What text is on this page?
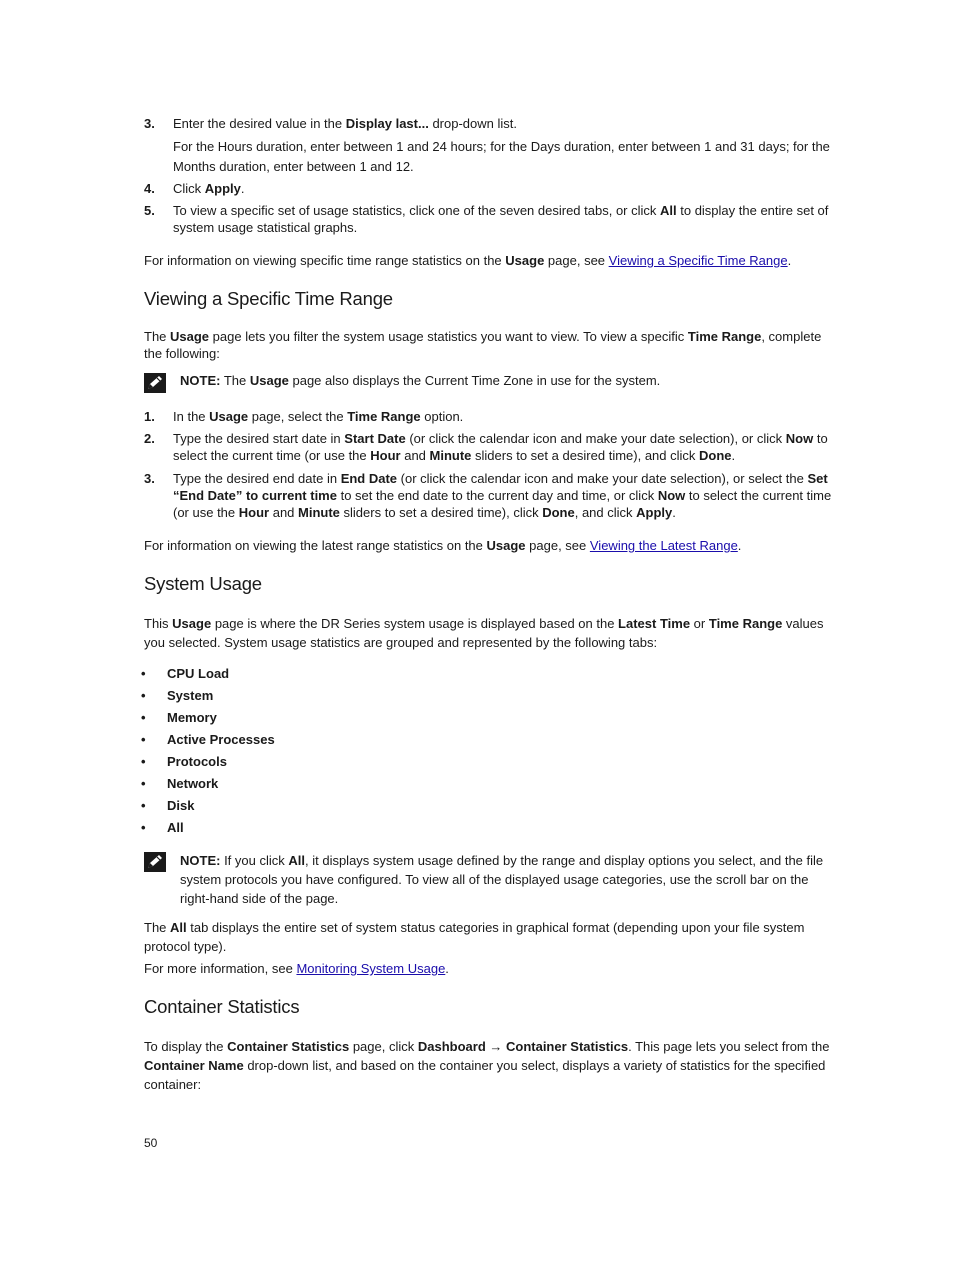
3. Enter the desired value in the Display last... drop-down list.
For the Hours duration, enter between 1 and 24 hours; for the Days duration, enter between 1 and 31 days; for the Months duration, enter between 1 and 12.
4. Click Apply.
5. To view a specific set of usage statistics, click one of the seven desired tabs, or click All to display the entire set of system usage statistical graphs.
For information on viewing specific time range statistics on the Usage page, see Viewing a Specific Time Range.
Viewing a Specific Time Range
The Usage page lets you filter the system usage statistics you want to view. To view a specific Time Range, complete the following:
NOTE: The Usage page also displays the Current Time Zone in use for the system.
1. In the Usage page, select the Time Range option.
2. Type the desired start date in Start Date (or click the calendar icon and make your date selection), or click Now to select the current time (or use the Hour and Minute sliders to set a desired time), and click Done.
3. Type the desired end date in End Date (or click the calendar icon and make your date selection), or select the Set “End Date” to current time to set the end date to the current day and time, or click Now to select the current time (or use the Hour and Minute sliders to set a desired time), click Done, and click Apply.
For information on viewing the latest range statistics on the Usage page, see Viewing the Latest Range.
System Usage
This Usage page is where the DR Series system usage is displayed based on the Latest Time or Time Range values you selected. System usage statistics are grouped and represented by the following tabs:
• CPU Load
• System
• Memory
• Active Processes
• Protocols
• Network
• Disk
• All
NOTE: If you click All, it displays system usage defined by the range and display options you select, and the file system protocols you have configured. To view all of the displayed usage categories, use the scroll bar on the right-hand side of the page.
The All tab displays the entire set of system status categories in graphical format (depending upon your file system protocol type).
For more information, see Monitoring System Usage.
Container Statistics
To display the Container Statistics page, click Dashboard → Container Statistics. This page lets you select from the Container Name drop-down list, and based on the container you select, displays a variety of statistics for the specified container:
50
